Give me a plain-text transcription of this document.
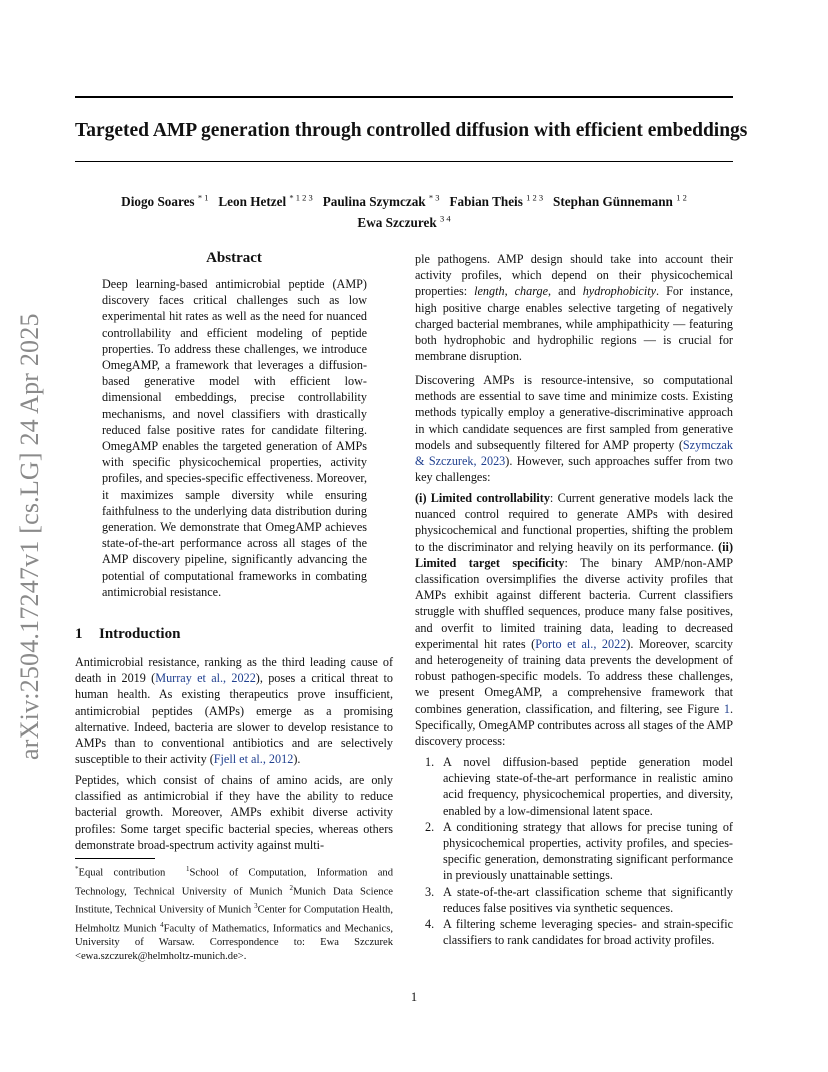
arXiv:2504.17247v1 [cs.LG] 24 Apr 2025
Targeted AMP generation through controlled diffusion with efficient embeddings
Diogo Soares $^{* 1}$ Leon Hetzel $^{* 1 2 3}$ Paulina Szymczak $^{* 3}$ Fabian Theis $^{1 2 3}$ Stephan Günnemann $^{1 2}$
Ewa Szczurek $^{3 4}$
Abstract
Deep learning-based antimicrobial peptide (AMP) discovery faces critical challenges such as low experimental hit rates as well as the need for nuanced controllability and efficient modeling of peptide properties. To address these challenges, we introduce OmegAMP, a framework that leverages a diffusion-based generative model with efficient low-dimensional embeddings, precise controllability mechanisms, and novel classifiers with drastically reduced false positive rates for candidate filtering. OmegAMP enables the targeted generation of AMPs with specific physicochemical properties, activity profiles, and species-specific effectiveness. Moreover, it maximizes sample diversity while ensuring faithfulness to the underlying data distribution during generation. We demonstrate that OmegAMP achieves state-of-the-art performance across all stages of the AMP discovery pipeline, significantly advancing the potential of computational frameworks in combating antimicrobial resistance.
1 Introduction
Antimicrobial resistance, ranking as the third leading cause of death in 2019 (Murray et al., 2022), poses a critical threat to human health. As existing therapeutics prove insufficient, antimicrobial peptides (AMPs) emerge as a promising alternative. Indeed, bacteria are slower to develop resistance to AMPs than to conventional antibiotics and are selectively susceptible to their activity (Fjell et al., 2012).
Peptides, which consist of chains of amino acids, are only classified as antimicrobial if they have the ability to reduce bacterial growth. Moreover, AMPs exhibit diverse activity profiles: Some target specific bacterial species, whereas others demonstrate broad-spectrum activity against multi-
*Equal contribution	$^1$School of Computation, Information and Technology, Technical University of Munich $^2$Munich Data Science Institute, Technical University of Munich $^3$Center for Computation Health, Helmholtz Munich $^4$Faculty of Mathematics, Informatics and Mechanics, University of Warsaw. Correspondence to: Ewa Szczurek <ewa.szczurek@helmholtz-munich.de>.
ple pathogens. AMP design should take into account their activity profiles, which depend on their physicochemical properties: length, charge, and hydrophobicity. For instance, high positive charge enables selective targeting of negatively charged bacterial membranes, while amphipathicity — featuring both hydrophobic and hydrophilic regions — is crucial for membrane disruption.
Discovering AMPs is resource-intensive, so computational methods are essential to save time and minimize costs. Existing methods typically employ a generative-discriminative approach in which candidate sequences are first sampled from generative models and subsequently filtered for AMP property (Szymczak & Szczurek, 2023). However, such approaches suffer from two key challenges:
(i) Limited controllability: Current generative models lack the nuanced control required to generate AMPs with desired physicochemical and functional properties, shifting the problem to the discriminator and relying heavily on its performance. (ii) Limited target specificity: The binary AMP/non-AMP classification oversimplifies the diverse activity profiles that AMPs exhibit against different bacteria. Current classifiers struggle with shuffled sequences, produce many false positives, and overfit to limited training data, leading to decreased experimental hit rates (Porto et al., 2022). Moreover, scarcity and heterogeneity of training data prevents the development of robust pathogen-specific models. To address these challenges, we present OmegAMP, a comprehensive framework that combines generation, classification, and filtering, see Figure 1. Specifically, OmegAMP contributes across all stages of the AMP discovery process:
1. A novel diffusion-based peptide generation model achieving state-of-the-art performance in realistic amino acid frequency, physicochemical properties, and diversity, enabled by a low-dimensional latent space.
2. A conditioning strategy that allows for precise tuning of physicochemical properties, activity profiles, and species-specific generation, demonstrating significant performance in previously unattainable settings.
3. A state-of-the-art classification scheme that significantly reduces false positives via synthetic sequences.
4. A filtering scheme leveraging species- and strain-specific classifiers to rank candidates for broad activity profiles.
1
